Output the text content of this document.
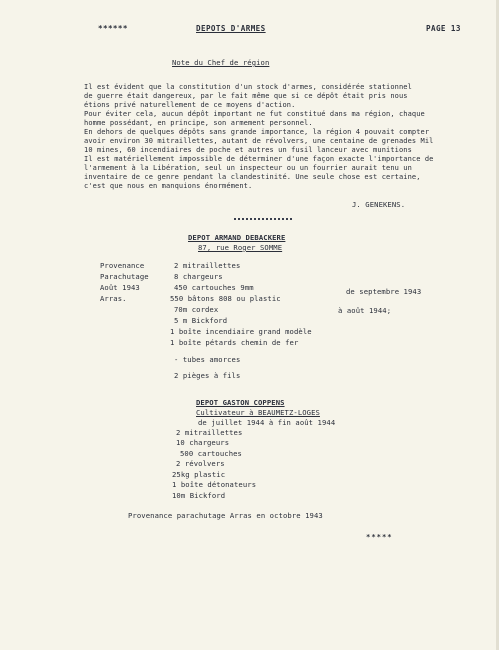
******	DEPOTS D'ARMES	PAGE 13
Note du Chef de région
Il est évident que la constitution d'un stock d'armes, considérée stationnel
de guerre était dangereux, par le fait même que si ce dépôt était pris nous
étions privé naturellement de ce moyens d'action.
Pour éviter cela, aucun dépôt important ne fut constitué dans ma région, chaque
homme possédant, en principe, son armement personnel.
En dehors de quelques dépôts sans grande importance, la région 4 pouvait compter
avoir environ 30 mitraillettes, autant de révolvers, une centaine de grenades Mil
10 mines, 60 incendiaires de poche et autres un fusil lanceur avec munitions
Il est matériellement impossible de déterminer d'une façon exacte l'importance de
l'armement à la Libération, seul un inspecteur ou un fourrier aurait tenu un
inventaire de ce genre pendant la clandestinité. Une seule chose est certaine,
c'est que nous en manquions énormément.
J. GENEKENS.
DEPOT ARMAND DEBACKERE
87, rue Roger SOMME
Provenance
Parachutage
Août 1943
Arras.
2 mitraillettes
8 chargeurs
450 cartouches 9mm
550 bâtons 808 ou plastic
70m cordex
5 m Bickford
1 boîte incendiaire grand modèle
1 boîte pétards chemin de fer
- tubes amorces
2 pièges à fils
de septembre 1943
à août 1944;
DEPOT GASTON COPPENS
Cultivateur à BEAUMETZ-LOGES
de juillet 1944 à fin août 1944
2 mitraillettes
10 chargeurs
500 cartouches
2 révolvers
25kg plastic
1 boîte détonateurs
10m Bickford
Provenance parachutage Arras en octobre 1943
*****
